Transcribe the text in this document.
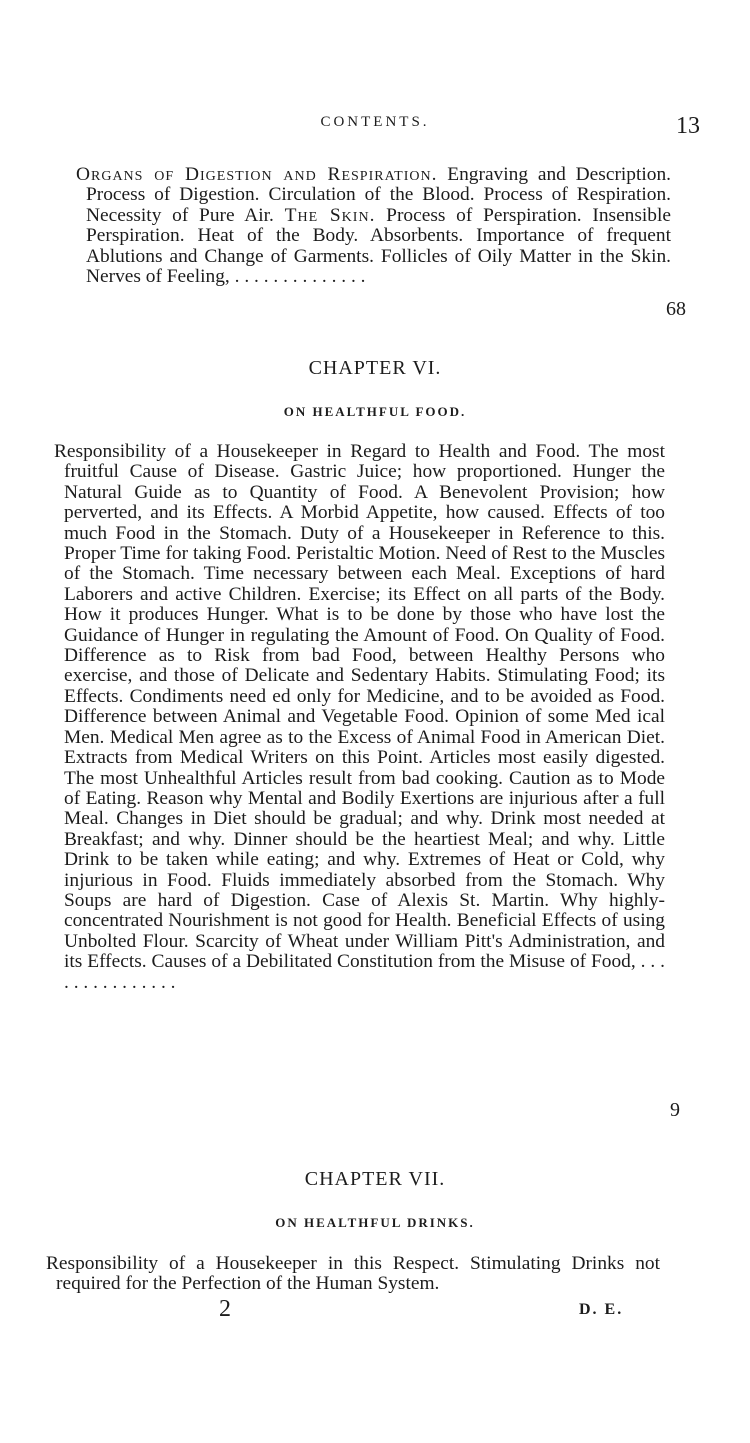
CONTENTS.	13
Organs of Digestion and Respiration. Engraving and Description. Process of Digestion. Circulation of the Blood. Process of Respiration. Necessity of Pure Air. The Skin. Process of Perspiration. Insensible Perspiration. Heat of the Body. Absorbents. Importance of frequent Ablutions and Change of Garments. Follicles of Oily Matter in the Skin. Nerves of Feeling, . . . . . . . . . . . . . .
68
CHAPTER VI.
ON HEALTHFUL FOOD.
Responsibility of a Housekeeper in Regard to Health and Food. The most fruitful Cause of Disease. Gastric Juice; how proportioned. Hunger the Natural Guide as to Quantity of Food. A Benevolent Provision; how perverted, and its Effects. A Morbid Appetite, how caused. Effects of too much Food in the Stomach. Duty of a Housekeeper in Reference to this. Proper Time for taking Food. Peristaltic Motion. Need of Rest to the Muscles of the Stomach. Time necessary between each Meal. Exceptions of hard Laborers and active Children. Exercise; its Effect on all parts of the Body. How it produces Hunger. What is to be done by those who have lost the Guidance of Hunger in regulating the Amount of Food. On Quality of Food. Difference as to Risk from bad Food, between Healthy Persons who exercise, and those of Delicate and Sedentary Habits. Stimulating Food; its Effects. Condiments need ed only for Medicine, and to be avoided as Food. Difference between Animal and Vegetable Food. Opinion of some Med ical Men. Medical Men agree as to the Excess of Animal Food in American Diet. Extracts from Medical Writers on this Point. Articles most easily digested. The most Unhealthful Articles result from bad cooking. Caution as to Mode of Eating. Reason why Mental and Bodily Exertions are injurious after a full Meal. Changes in Diet should be gradual; and why. Drink most needed at Breakfast; and why. Dinner should be the heartiest Meal; and why. Little Drink to be taken while eating; and why. Extremes of Heat or Cold, why injurious in Food. Fluids immediately absorbed from the Stomach. Why Soups are hard of Digestion. Case of Alexis St. Martin. Why highly-concentrated Nourishment is not good for Health. Beneficial Effects of using Unbolted Flour. Scarcity of Wheat under William Pitt's Administration, and its Effects. Causes of a Debilitated Constitution from the Misuse of Food, . . . . . . . . . . . . . . .
9
CHAPTER VII.
ON HEALTHFUL DRINKS.
Responsibility of a Housekeeper in this Respect. Stimulating Drinks not required for the Perfection of the Human System.
2	D. E.
